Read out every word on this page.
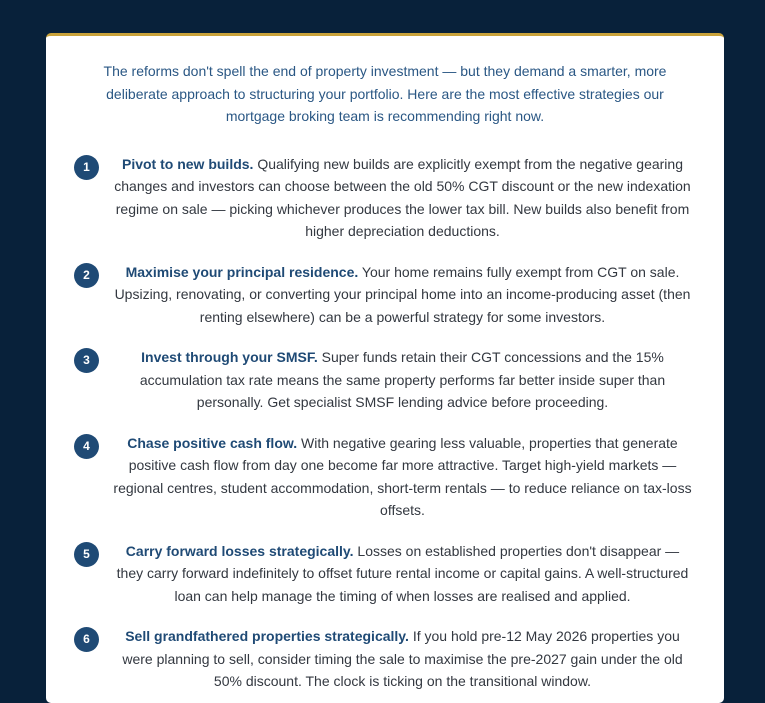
The reforms don't spell the end of property investment — but they demand a smarter, more deliberate approach to structuring your portfolio. Here are the most effective strategies our mortgage broking team is recommending right now.

1	Pivot to new builds. Qualifying new builds are explicitly exempt from the negative gearing changes and investors can choose between the old 50% CGT discount or the new indexation regime on sale — picking whichever produces the lower tax bill. New builds also benefit from higher depreciation deductions.
2	Maximise your principal residence. Your home remains fully exempt from CGT on sale. Upsizing, renovating, or converting your principal home into an income-producing asset (then renting elsewhere) can be a powerful strategy for some investors.
3	Invest through your SMSF. Super funds retain their CGT concessions and the 15% accumulation tax rate means the same property performs far better inside super than personally. Get specialist SMSF lending advice before proceeding.
4	Chase positive cash flow. With negative gearing less valuable, properties that generate positive cash flow from day one become far more attractive. Target high-yield markets — regional centres, student accommodation, short-term rentals — to reduce reliance on tax-loss offsets.
5	Carry forward losses strategically. Losses on established properties don't disappear — they carry forward indefinitely to offset future rental income or capital gains. A well-structured loan can help manage the timing of when losses are realised and applied.
6	Sell grandfathered properties strategically. If you hold pre-12 May 2026 properties you were planning to sell, consider timing the sale to maximise the pre-2027 gain under the old 50% discount. The clock is ticking on the transitional window.
